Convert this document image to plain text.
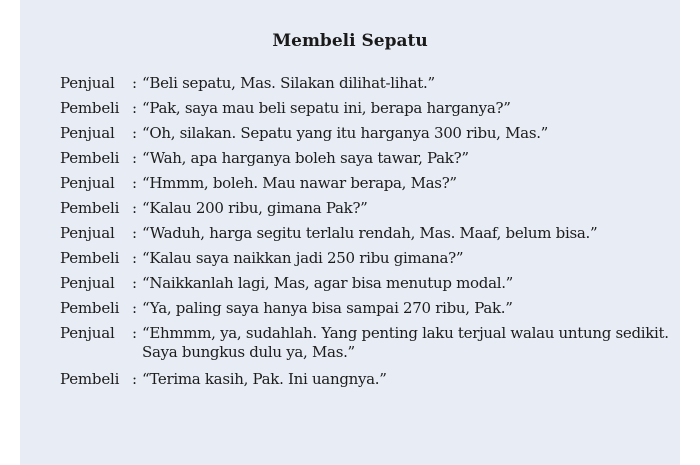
Membeli Sepatu
Penjual	: “Beli sepatu, Mas. Silakan dilihat-lihat.”
Pembeli : “Pak, saya mau beli sepatu ini, berapa harganya?”
Penjual	: “Oh, silakan. Sepatu yang itu harganya 300 ribu, Mas.”
Pembeli : “Wah, apa harganya boleh saya tawar, Pak?”
Penjual	: “Hmmm, boleh. Mau nawar berapa, Mas?”
Pembeli : “Kalau 200 ribu, gimana Pak?”
Penjual	: “Waduh, harga segitu terlalu rendah, Mas. Maaf, belum bisa.”
Pembeli : “Kalau saya naikkan jadi 250 ribu gimana?”
Penjual	: “Naikkanlah lagi, Mas, agar bisa menutup modal.”
Pembeli : “Ya, paling saya hanya bisa sampai 270 ribu, Pak.”
Penjual	: “Ehmmm, ya, sudahlah. Yang penting laku terjual walau untung sedikit. Saya bungkus dulu ya, Mas.”
Pembeli : “Terima kasih, Pak. Ini uangnya.”
